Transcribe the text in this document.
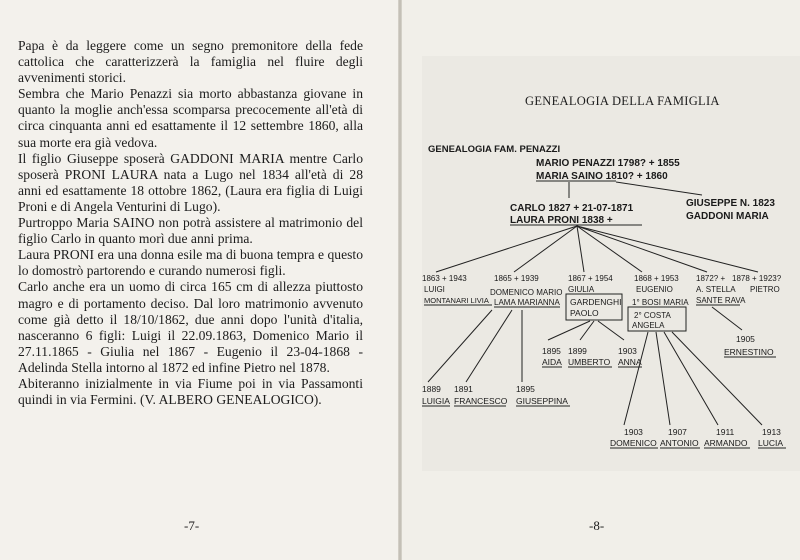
Papa è da leggere come un segno premonitore della fede cattolica che caratterizzerà la famiglia nel fluire degli avvenimenti storici.

Sembra che Mario Penazzi sia morto abbastanza giovane in quanto la moglie anch'essa scomparsa precocemente all'età di circa cinquanta anni ed esattamente il 12 settembre 1860, alla sua morte era già vedova.

Il figlio Giuseppe sposerà GADDONI MARIA mentre Carlo sposerà PRONI LAURA nata a Lugo nel 1834 all'età di 28 anni ed esattamente 18 ottobre 1862, (Laura era figlia di Luigi Proni e di Angela Venturini di Lugo).

Purtroppo Maria SAINO non potrà assistere al matrimonio del figlio Carlo in quanto morì due anni prima.

Laura PRONI era una donna esile ma di buona tempra e questo lo domostrò partorendo e curando numerosi figli.

Carlo anche era un uomo di circa 165 cm di allezza piuttosto magro e di portamento deciso. Dal loro matrimonio avvenuto come già detto il 18/10/1862, due anni dopo l'unità d'italia, nasceranno 6 figli: Luigi il 22.09.1863, Domenico Mario il 27.11.1865 - Giulia nel 1867 - Eugenio il 23-04-1868 - Adelinda Stella intorno al 1872 ed infine Pietro nel 1878.

Abiteranno inizialmente in via Fiume poi in via Passamonti quindi in via Fermini. (V. ALBERO GENEALOGICO).

-7-
GENEALOGIA DELLA FAMIGLIA
GENEALOGIA FAM. PENAZZI
MARIO PENAZZI 1798? + 1855
MARIA SAINO 1810? + 1860
CARLO 1827 + 21-07-1871
LAURA PRONI 1838 +
GIUSEPPE N. 1823
GADDONI MARIA
1863 + 1943
LUIGI
MONTANARI LIVIA
1865 + 1939
DOMENICO MARIO
LAMA MARIANNA
1867 + 1954
GIULIA
GARDENGHI
PAOLO
1868 + 1953
EUGENIO
1° BOSI MARIA
2° COSTA
ANGELA
1872? +
A. STELLA
SANTE RAVA
1878 + 1923?
PIETRO
1889
LUIGIA
1891
FRANCESCO
1895
GIUSEPPINA
1895
AIDA
1899
UMBERTO
1903
ANNA
1903
DOMENICO
1907
ANTONIO
1911
ARMANDO
1913
LUCIA
1905
ERNESTINO
-8-
